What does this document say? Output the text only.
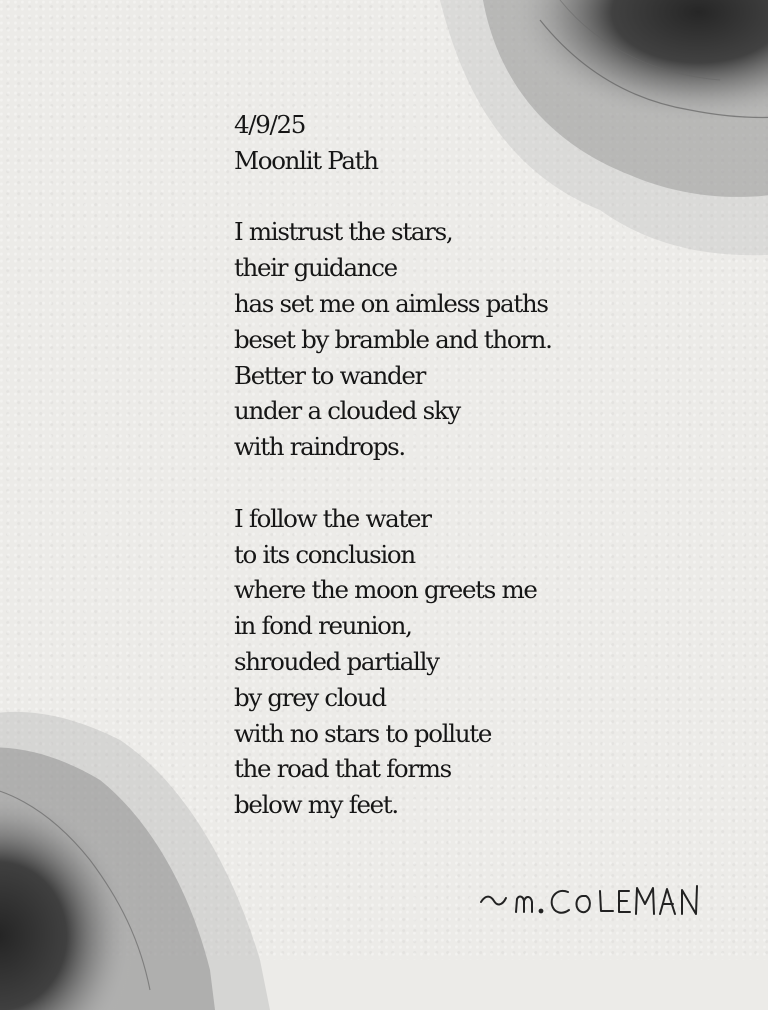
4/9/25
Moonlit Path
I mistrust the stars,
their guidance
has set me on aimless paths
beset by bramble and thorn.
Better to wander
under a clouded sky
with raindrops.
I follow the water
to its conclusion
where the moon greets me
in fond reunion,
shrouded partially
by grey cloud
with no stars to pollute
the road that forms
below my feet.
